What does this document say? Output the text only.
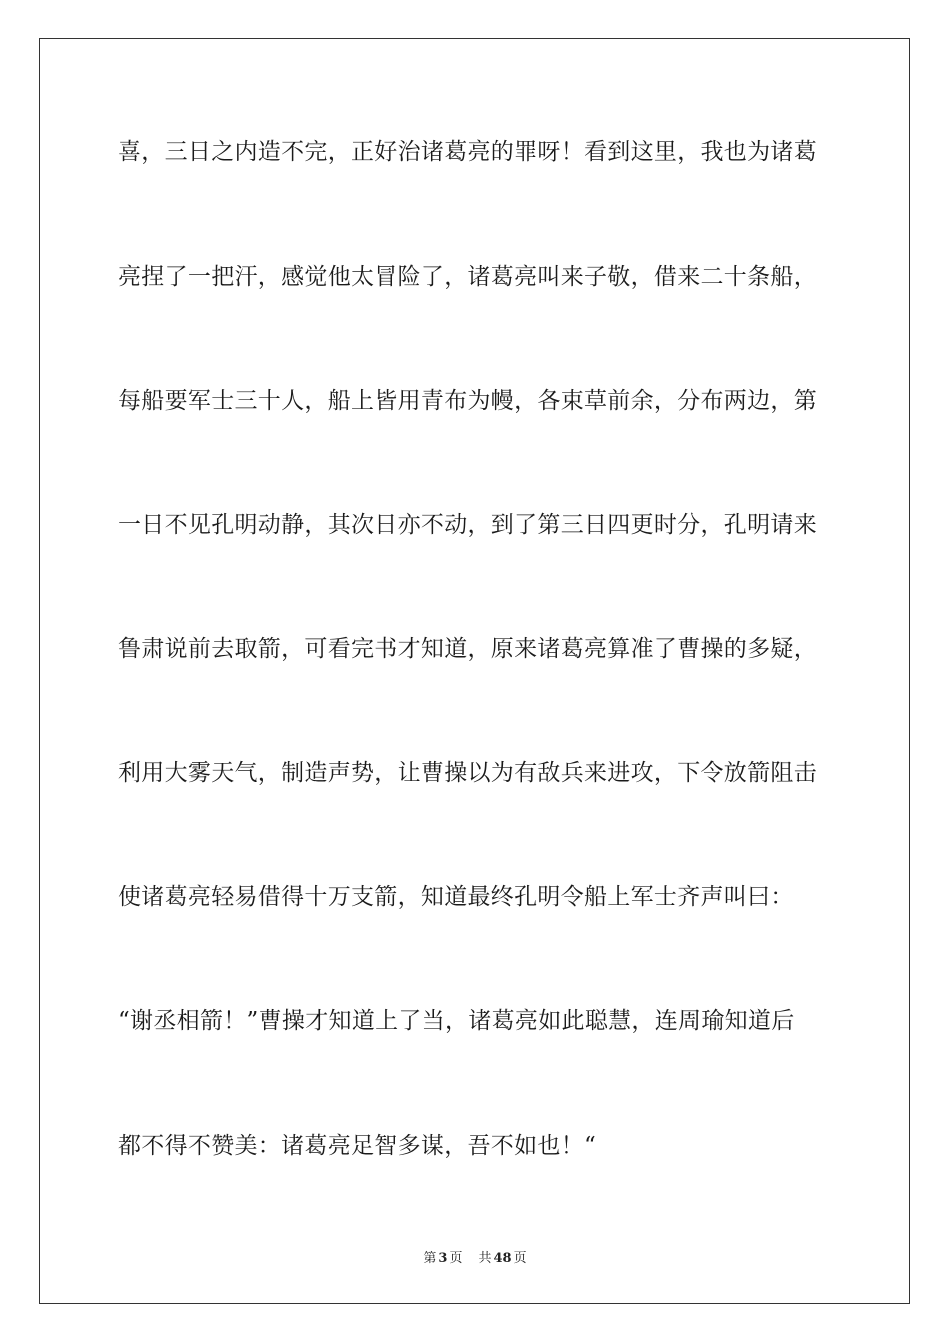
喜，三日之内造不完，正好治诸葛亮的罪呀！看到这里，我也为诸葛
亮捏了一把汗，感觉他太冒险了，诸葛亮叫来子敬，借来二十条船，
每船要军士三十人，船上皆用青布为幔，各束草前余，分布两边，第
一日不见孔明动静，其次日亦不动，到了第三日四更时分，孔明请来
鲁肃说前去取箭，可看完书才知道，原来诸葛亮算准了曹操的多疑，
利用大雾天气，制造声势，让曹操以为有敌兵来进攻，下令放箭阻击
使诸葛亮轻易借得十万支箭，知道最终孔明令船上军士齐声叫曰：
“谢丞相箭！”曹操才知道上了当，诸葛亮如此聪慧，连周瑜知道后
都不得不赞美：诸葛亮足智多谋，吾不如也！“
第 3 页 共 48 页
